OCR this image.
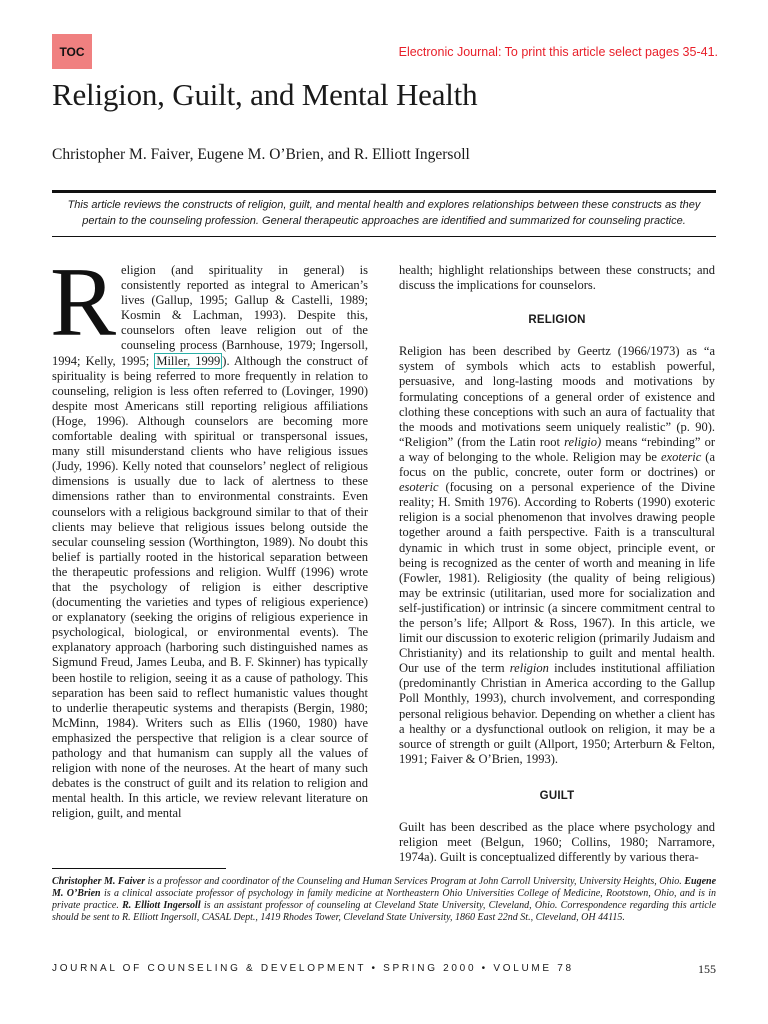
TOC	Electronic Journal: To print this article select pages 35-41.
Religion, Guilt, and Mental Health
Christopher M. Faiver, Eugene M. O’Brien, and R. Elliott Ingersoll
This article reviews the constructs of religion, guilt, and mental health and explores relationships between these constructs as they pertain to the counseling profession. General therapeutic approaches are identified and summarized for counseling practice.

Religion (and spirituality in general) is consistently reported as integral to American’s lives (Gallup, 1995; Gallup & Castelli, 1989; Kosmin & Lachman, 1993). Despite this, counselors often leave religion out of the counseling process (Barnhouse, 1979; Ingersoll, 1994; Kelly, 1995; Miller, 1999 ). Although the construct of spirituality is being referred to more frequently in relation to counseling, religion is less often referred to (Lovinger, 1990) despite most Americans still reporting religious affiliations (Hoge, 1996). Although counselors are becoming more comfortable dealing with spiritual or transpersonal issues, many still misunderstand clients who have religious issues (Judy, 1996). Kelly noted that counselors’ neglect of religious dimensions is usually due to lack of alertness to these dimensions rather than to environmental constraints. Even counselors with a religious background similar to that of their clients may believe that religious issues belong outside the secular counseling session (Worthington, 1989). No doubt this belief is partially rooted in the historical separation between the therapeutic professions and religion. Wulff (1996) wrote that the psychology of religion is either descriptive (documenting the varieties and types of religious experience) or explanatory (seeking the origins of religious experience in psychological, biological, or environmental events). The explanatory approach (harboring such distinguished names as Sigmund Freud, James Leuba, and B. F. Skinner) has typically been hostile to religion, seeing it as a cause of pathology. This separation has been said to reflect humanistic values thought to underlie therapeutic systems and therapists (Bergin, 1980; McMinn, 1984). Writers such as Ellis (1960, 1980) have emphasized the perspective that religion is a clear source of pathology and that humanism can supply all the values of religion with none of the neuroses. At the heart of many such debates is the construct of guilt and its relation to religion and mental health. In this article, we review relevant literature on religion, guilt, and mental

health; highlight relationships between these constructs; and discuss the implications for counselors.

RELIGION

Religion has been described by Geertz (1966/1973) as “a system of symbols which acts to establish powerful, persuasive, and long-lasting moods and motivations by formulating conceptions of a general order of existence and clothing these conceptions with such an aura of factuality that the moods and motivations seem uniquely realistic” (p. 90). “Religion” (from the Latin root religio) means “rebinding” or a way of belonging to the whole. Religion may be exoteric (a focus on the public, concrete, outer form or doctrines) or esoteric (focusing on a personal experience of the Divine reality; H. Smith 1976). According to Roberts (1990) exoteric religion is a social phenomenon that involves drawing people together around a faith perspective. Faith is a transcultural dynamic in which trust in some object, principle event, or being is recognized as the center of worth and meaning in life (Fowler, 1981). Religiosity (the quality of being religious) may be extrinsic (utilitarian, used more for socialization and self-justification) or intrinsic (a sincere commitment central to the person’s life; Allport & Ross, 1967). In this article, we limit our discussion to exoteric religion (primarily Judaism and Christianity) and its relationship to guilt and mental health. Our use of the term religion includes institutional affiliation (predominantly Christian in America according to the Gallup Poll Monthly, 1993), church involvement, and corresponding personal religious behavior. Depending on whether a client has a healthy or a dysfunctional outlook on religion, it may be a source of strength or guilt (Allport, 1950; Arterburn & Felton, 1991; Faiver & O’Brien, 1993).

GUILT

Guilt has been described as the place where psychology and religion meet (Belgun, 1960; Collins, 1980; Narramore, 1974a). Guilt is conceptualized differently by various thera-

Christopher M. Faiver is a professor and coordinator of the Counseling and Human Services Program at John Carroll University, University Heights, Ohio. Eugene M. O’Brien is a clinical associate professor of psychology in family medicine at Northeastern Ohio Universities College of Medicine, Rootstown, Ohio, and is in private practice. R. Elliott Ingersoll is an assistant professor of counseling at Cleveland State University, Cleveland, Ohio. Correspondence regarding this article should be sent to R. Elliott Ingersoll, CASAL Dept., 1419 Rhodes Tower, Cleveland State University, 1860 East 22nd St., Cleveland, OH 44115.

JOURNAL OF COUNSELING & DEVELOPMENT • SPRING 2000 • VOLUME 78	155
